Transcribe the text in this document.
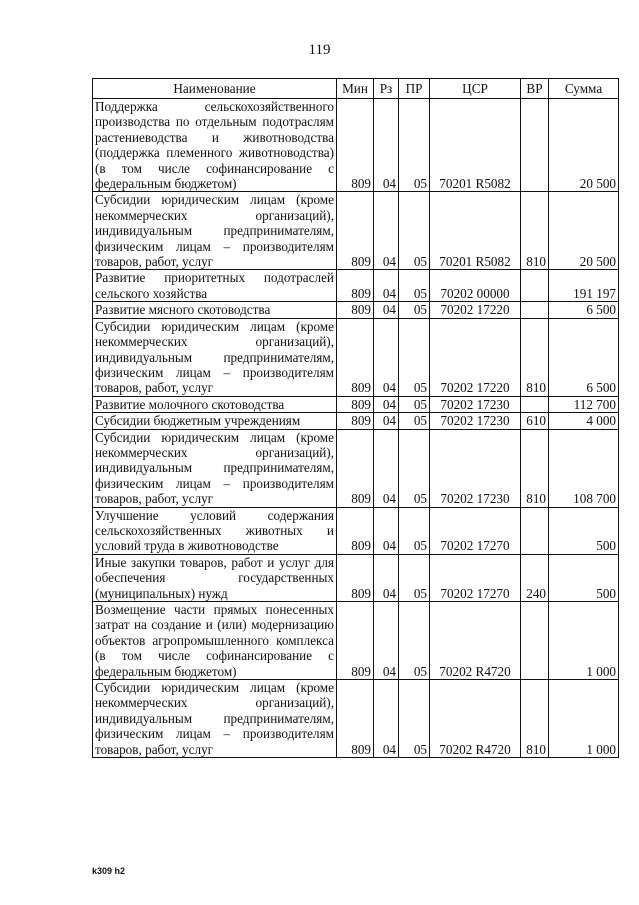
119
Наименование	Мин	Рз	ПР	ЦСР	ВР	Сумма
Поддержка сельскохозяйственного производства по отдельным подотраслям растениеводства и животноводства (поддержка племенного животноводства) (в том числе софинансирование с федеральным бюджетом)	809	04	05	70201 R5082		20 500
Субсидии юридическим лицам (кроме некоммерческих организаций), индивидуальным предпринимателям, физическим лицам – производителям товаров, работ, услуг	809	04	05	70201 R5082	810	20 500
Развитие приоритетных подотраслей сельского хозяйства	809	04	05	70202 00000		191 197
Развитие мясного скотоводства	809	04	05	70202 17220		6 500
Субсидии юридическим лицам (кроме некоммерческих организаций), индивидуальным предпринимателям, физическим лицам – производителям товаров, работ, услуг	809	04	05	70202 17220	810	6 500
Развитие молочного скотоводства	809	04	05	70202 17230		112 700
Субсидии бюджетным учреждениям	809	04	05	70202 17230	610	4 000
Субсидии юридическим лицам (кроме некоммерческих организаций), индивидуальным предпринимателям, физическим лицам – производителям товаров, работ, услуг	809	04	05	70202 17230	810	108 700
Улучшение условий содержания сельскохозяйственных животных и условий труда в животноводстве	809	04	05	70202 17270		500
Иные закупки товаров, работ и услуг для обеспечения государственных (муниципальных) нужд	809	04	05	70202 17270	240	500
Возмещение части прямых понесенных затрат на создание и (или) модернизацию объектов агропромышленного комплекса (в том числе софинансирование с федеральным бюджетом)	809	04	05	70202 R4720		1 000
Субсидии юридическим лицам (кроме некоммерческих организаций), индивидуальным предпринимателям, физическим лицам – производителям товаров, работ, услуг	809	04	05	70202 R4720	810	1 000
k309 h2
